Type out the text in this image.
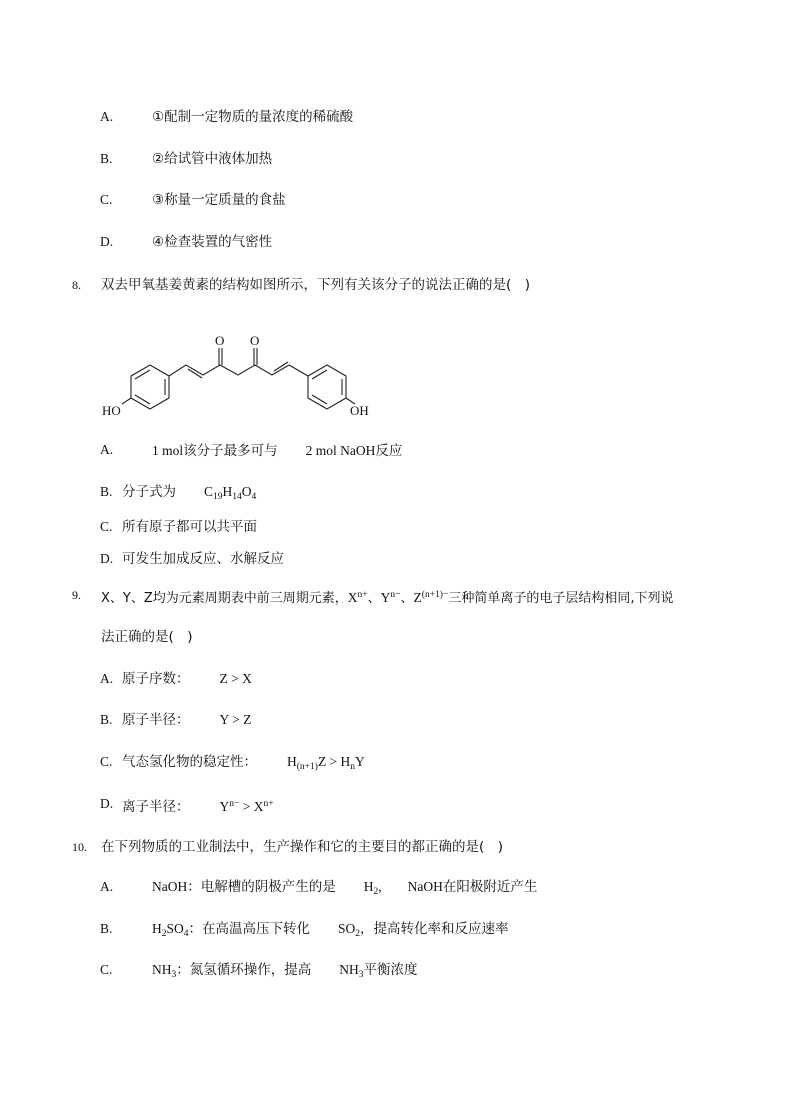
A.	①配制一定物质的量浓度的稀硫酸
B.	②给试管中液体加热
C.	③称量一定质量的食盐
D.	④检查装置的气密性
8. 双去甲氧基姜黄素的结构如图所示，下列有关该分子的说法正确的是(　)
O O
HO	OH
A.	1 mol该分子最多可与 2 mol NaOH反应
B. 分子式为 $C_{19}H_{14}O_4$
C. 所有原子都可以共平面
D. 可发生加成反应、水解反应
9. X、Y、Z均为元素周期表中前三周期元素，$X^{n+}$、$Y^{n-}$、$Z^{(n+1)-}$三种简单离子的电子层结构相同,下列说
法正确的是(　)
A. 原子序数： Z > X
B. 原子半径： Y > Z
C. 气态氢化物的稳定性： $H_{(n+1)}Z > H_nY$
D. 离子半径： $Y^{n-} > X^{n+}$
10. 在下列物质的工业制法中，生产操作和它的主要目的都正确的是(　)
A.	NaOH：电解槽的阴极产生的是 $H_2$, NaOH在阳极附近产生
B.	$H_2SO_4$：在高温高压下转化 $SO_2$，提高转化率和反应速率
C.	$NH_3$：氮氢循环操作，提高 $NH_3$平衡浓度
